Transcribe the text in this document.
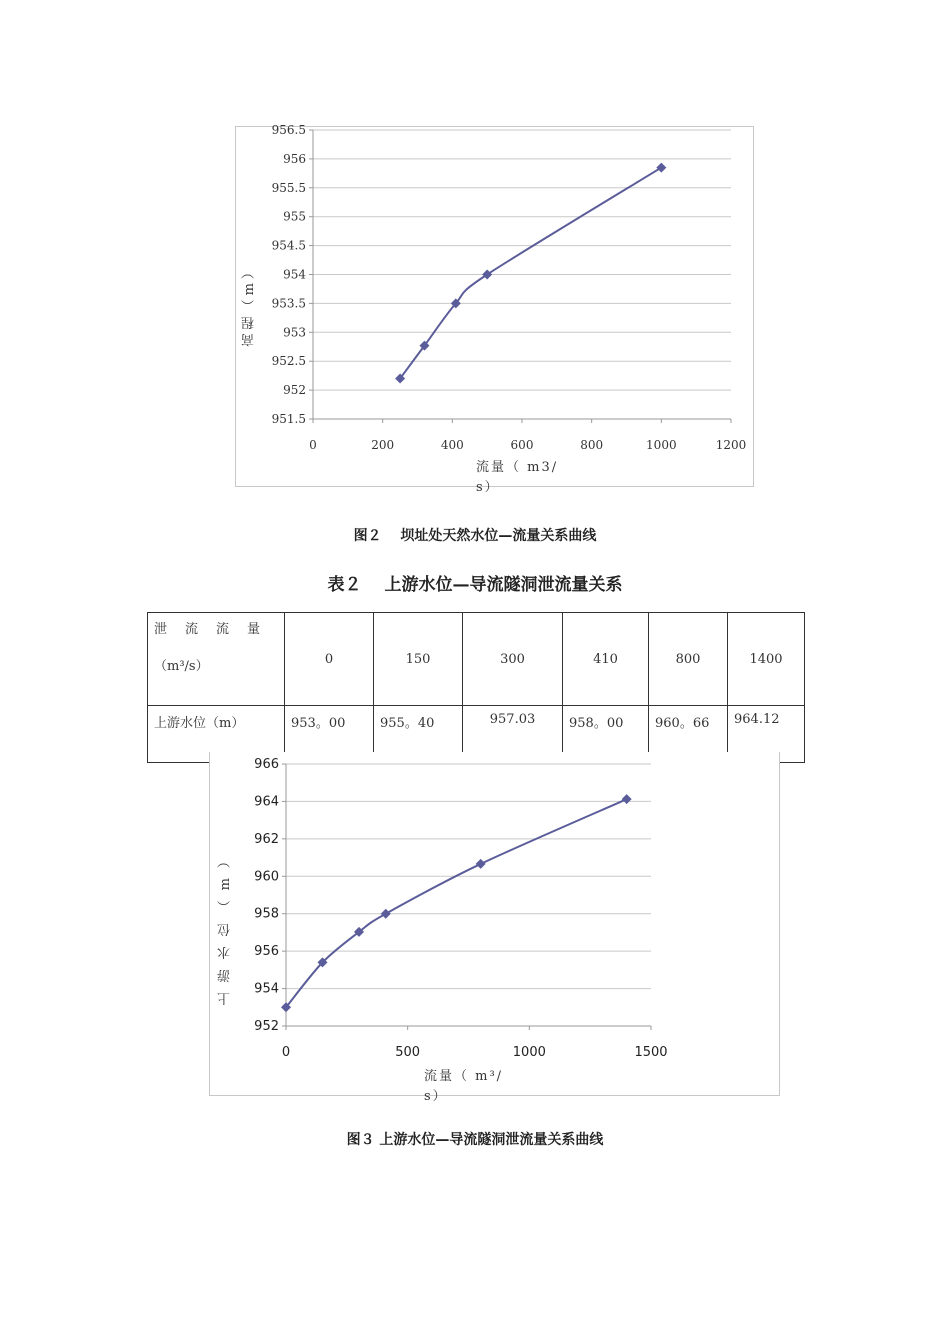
951.5
952
952.5
953
953.5
954
954.5
955
955.5
956
956.5
0	200	400	600	800	1000	1200
高程（m）
流量（ m3/
s）
图２　 坝址处天然水位—流量关系曲线
表２　 上游水位—导流隧洞泄流量关系
泄流流量
（m³/s）	0	150	300	410	800	1400
上游水位（m）	953。00	955。40	957.03	958。00	960。66	964.12
952
954
956
958
960
962
964
966
0	500	1000	1500
上游水位（m）
流量（ m³/
s）
图３ 上游水位—导流隧洞泄流量关系曲线
